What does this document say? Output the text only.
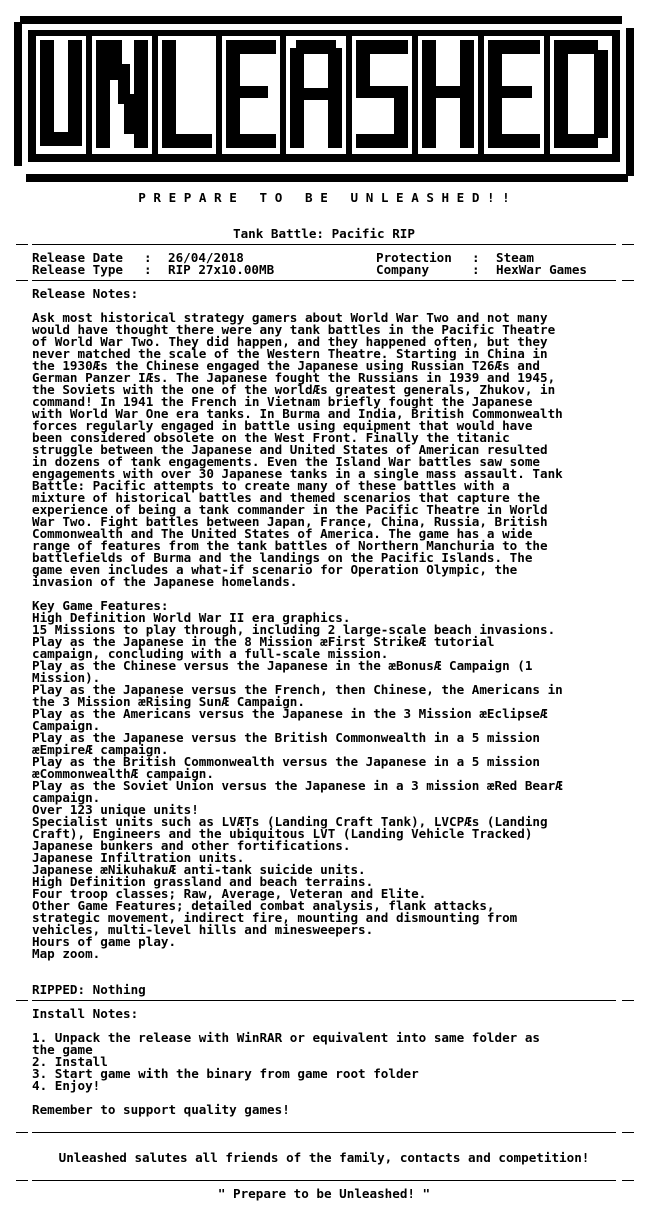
P R E P A R E   T O   B E   U N L E A S H E D ! !
Tank Battle: Pacific RIP
Release Date : 26/04/2018
Release Type : RIP 27x10.00MB
Protection : Steam
Company	: HexWar Games
Release Notes:

Ask most historical strategy gamers about World War Two and not many
would have thought there were any tank battles in the Pacific Theatre
of World War Two. They did happen, and they happened often, but they
never matched the scale of the Western Theatre. Starting in China in
the 1930Æs the Chinese engaged the Japanese using Russian T26Æs and
German Panzer IÆs. The Japanese fought the Russians in 1939 and 1945,
the Soviets with the one of the worldÆs greatest generals, Zhukov, in
command! In 1941 the French in Vietnam briefly fought the Japanese
with World War One era tanks. In Burma and India, British Commonwealth
forces regularly engaged in battle using equipment that would have
been considered obsolete on the West Front. Finally the titanic
struggle between the Japanese and United States of American resulted
in dozens of tank engagements. Even the Island War battles saw some
engagements with over 30 Japanese tanks in a single mass assault. Tank
Battle: Pacific attempts to create many of these battles with a
mixture of historical battles and themed scenarios that capture the
experience of being a tank commander in the Pacific Theatre in World
War Two. Fight battles between Japan, France, China, Russia, British
Commonwealth and The United States of America. The game has a wide
range of features from the tank battles of Northern Manchuria to the
battlefields of Burma and the landings on the Pacific Islands. The
game even includes a what-if scenario for Operation Olympic, the
invasion of the Japanese homelands.

Key Game Features:
High Definition World War II era graphics.
15 Missions to play through, including 2 large-scale beach invasions.
Play as the Japanese in the 8 Mission æFirst StrikeÆ tutorial
campaign, concluding with a full-scale mission.
Play as the Chinese versus the Japanese in the æBonusÆ Campaign (1
Mission).
Play as the Japanese versus the French, then Chinese, the Americans in
the 3 Mission æRising SunÆ Campaign.
Play as the Americans versus the Japanese in the 3 Mission æEclipseÆ
Campaign.
Play as the Japanese versus the British Commonwealth in a 5 mission
æEmpireÆ campaign.
Play as the British Commonwealth versus the Japanese in a 5 mission
æCommonwealthÆ campaign.
Play as the Soviet Union versus the Japanese in a 3 mission æRed BearÆ
campaign.
Over 123 unique units!
Specialist units such as LVÆTs (Landing Craft Tank), LVCPÆs (Landing
Craft), Engineers and the ubiquitous LVT (Landing Vehicle Tracked)
Japanese bunkers and other fortifications.
Japanese Infiltration units.
Japanese æNikuhakuÆ anti-tank suicide units.
High Definition grassland and beach terrains.
Four troop classes; Raw, Average, Veteran and Elite.
Other Game Features; detailed combat analysis, flank attacks,
strategic movement, indirect fire, mounting and dismounting from
vehicles, multi-level hills and minesweepers.
Hours of game play.
Map zoom.

RIPPED: Nothing
Install Notes:

1. Unpack the release with WinRAR or equivalent into same folder as
the game
2. Install
3. Start game with the binary from game root folder
4. Enjoy!

Remember to support quality games!
Unleashed salutes all friends of the family, contacts and competition!
" Prepare to be Unleashed! "
